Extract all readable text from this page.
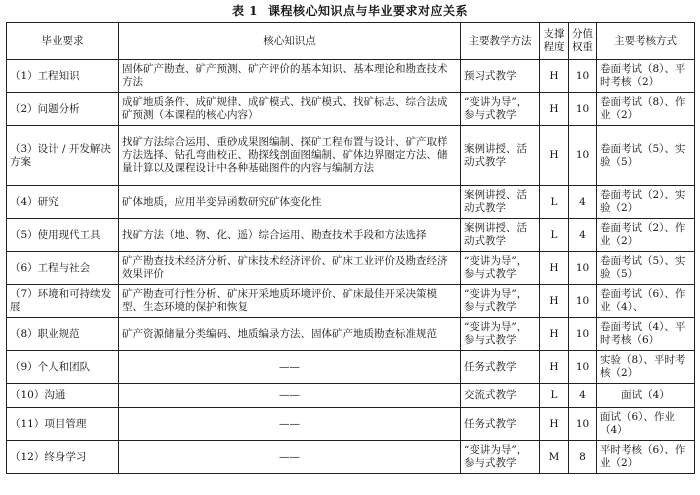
表 1 课程核心知识点与毕业要求对应关系
毕业要求	核心知识点	主要教学方法	支撑程度	分值权重	主要考核方式
（1）工程知识	固体矿产勘查、矿产预测、矿产评价的基本知识、基本理论和勘查技术方法	预习式教学	H	10	卷面考试（8）、平时考核（2）
（2）问题分析	成矿地质条件、成矿规律、成矿模式、找矿模式、找矿标志、综合法成矿预测（本课程的核心内容）	“变讲为导”，参与式教学	H	10	卷面考试（8）、作业（2）
（3）设计 / 开发解决方案	找矿方法综合运用、重砂成果图编制、探矿工程布置与设计、矿产取样方法选择、钻孔弯曲校正、勘探线剖面图编制、矿体边界圈定方法、储量计算以及课程设计中各种基础图件的内容与编制方法	案例讲授、活动式教学	H	10	卷面考试（5）、实验（5）
（4）研究	矿体地质，应用半变异函数研究矿体变化性	案例讲授、活动式教学	L	4	卷面考试（2）、实验（2）
（5）使用现代工具	找矿方法（地、物、化、遥）综合运用、勘查技术手段和方法选择	案例讲授、活动式教学	L	4	卷面考试（2）、作业（2）
（6）工程与社会	矿产勘查技术经济分析、矿床技术经济评价、矿床工业评价及勘查经济效果评价	“变讲为导”，参与式教学	H	10	卷面考试（5）、实验（5）
（7）环境和可持续发展	矿产勘查可行性分析、矿床开采地质环境评价、矿床最佳开采决策模型、生态环境的保护和恢复	“变讲为导”，参与式教学	H	10	卷面考试（6）、作业（4）、
（8）职业规范	矿产资源储量分类编码、地质编录方法、固体矿产地质勘查标准规范	“变讲为导”，参与式教学	H	10	卷面考试（4）、平时考核（6）
（9）个人和团队	——	任务式教学	H	10	实验（8）、平时考核（2）
（10）沟通	——	交流式教学	L	4	面试（4）
（11）项目管理	——	任务式教学	H	10	面试（6）、作业（4）
（12）终身学习	——	“变讲为导”，参与式教学	M	8	平时考核（6）、作业（2）
